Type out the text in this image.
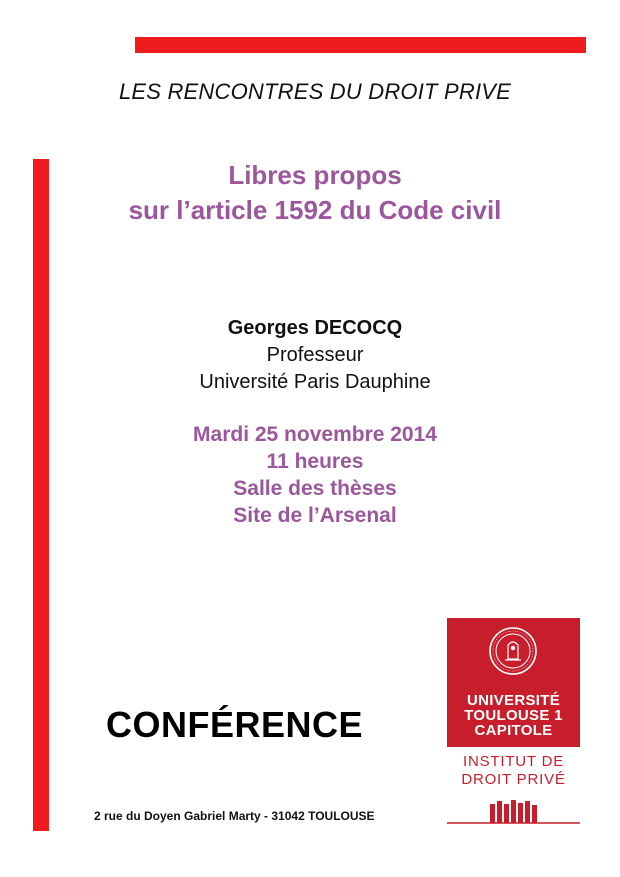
LES RENCONTRES DU DROIT PRIVE
Libres propos
sur l’article 1592 du Code civil
Georges DECOCQ
Professeur
Université Paris Dauphine
Mardi 25 novembre 2014
11 heures
Salle des thèses
Site de l’Arsenal
CONFÉRENCE
2 rue du Doyen Gabriel Marty - 31042 TOULOUSE
UNIVERSITÉ
TOULOUSE 1
CAPITOLE
INSTITUT DE
DROIT PRIVÉ
